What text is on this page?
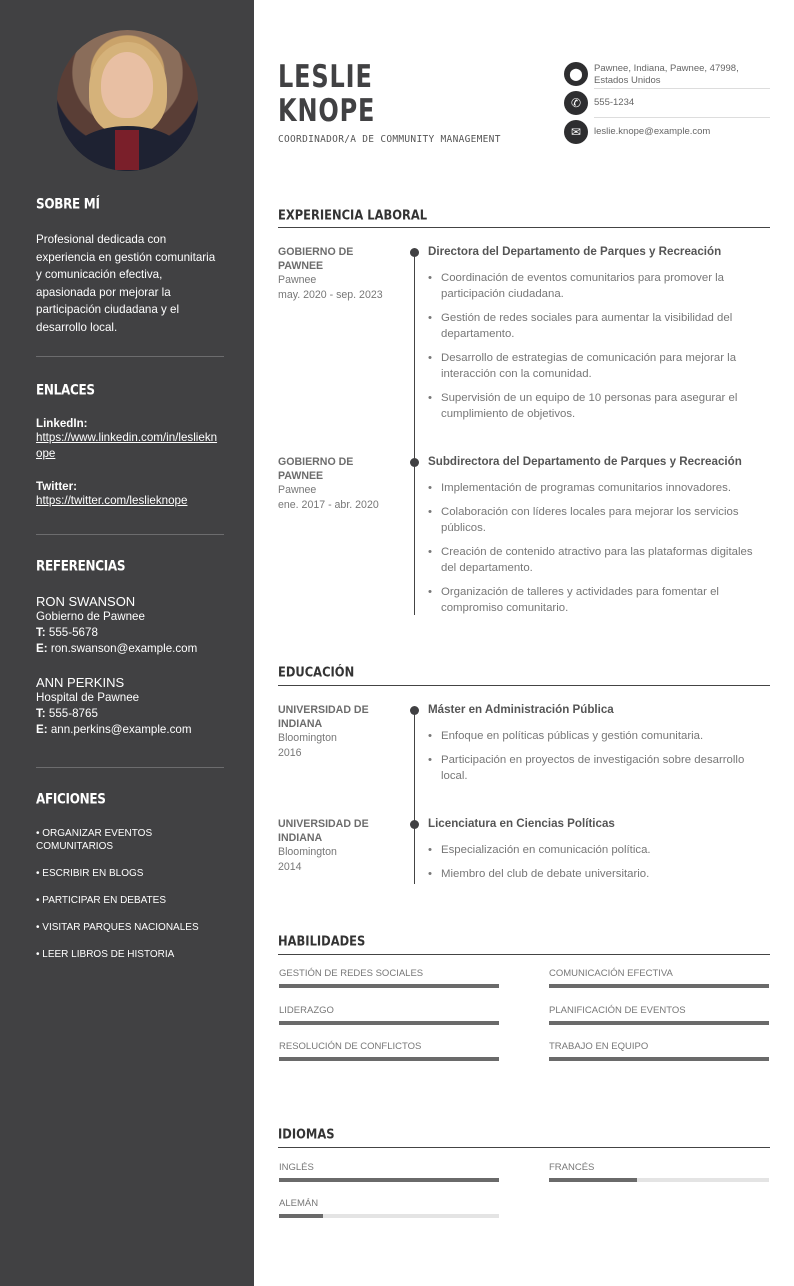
SOBRE MÍ
Profesional dedicada con experiencia en gestión comunitaria y comunicación efectiva, apasionada por mejorar la participación ciudadana y el desarrollo local.
ENLACES
LinkedIn:
https://www.linkedin.com/in/leslieknope
Twitter:
https://twitter.com/leslieknope
REFERENCIAS
RON SWANSON
Gobierno de Pawnee
T: 555-5678
E: ron.swanson@example.com
ANN PERKINS
Hospital de Pawnee
T: 555-8765
E: ann.perkins@example.com
AFICIONES
• ORGANIZAR EVENTOS COMUNITARIOS
• ESCRIBIR EN BLOGS
• PARTICIPAR EN DEBATES
• VISITAR PARQUES NACIONALES
• LEER LIBROS DE HISTORIA
LESLIE
KNOPE
COORDINADOR/A DE COMMUNITY MANAGEMENT
⬤	Pawnee, Indiana, Pawnee, 47998, Estados Unidos
✆	555-1234
✉	leslie.knope@example.com
EXPERIENCIA LABORAL
GOBIERNO DE PAWNEE
Pawnee
may. 2020 - sep. 2023
Directora del Departamento de Parques y Recreación
• Coordinación de eventos comunitarios para promover la participación ciudadana.
• Gestión de redes sociales para aumentar la visibilidad del departamento.
• Desarrollo de estrategias de comunicación para mejorar la interacción con la comunidad.
• Supervisión de un equipo de 10 personas para asegurar el cumplimiento de objetivos.
GOBIERNO DE PAWNEE
Pawnee
ene. 2017 - abr. 2020
Subdirectora del Departamento de Parques y Recreación
• Implementación de programas comunitarios innovadores.
• Colaboración con líderes locales para mejorar los servicios públicos.
• Creación de contenido atractivo para las plataformas digitales del departamento.
• Organización de talleres y actividades para fomentar el compromiso comunitario.
EDUCACIÓN
UNIVERSIDAD DE INDIANA
Bloomington
2016
Máster en Administración Pública
• Enfoque en políticas públicas y gestión comunitaria.
• Participación en proyectos de investigación sobre desarrollo local.
UNIVERSIDAD DE INDIANA
Bloomington
2014
Licenciatura en Ciencias Políticas
• Especialización en comunicación política.
• Miembro del club de debate universitario.
HABILIDADES
GESTIÓN DE REDES SOCIALES	COMUNICACIÓN EFECTIVA
LIDERAZGO	PLANIFICACIÓN DE EVENTOS
RESOLUCIÓN DE CONFLICTOS	TRABAJO EN EQUIPO
IDIOMAS
INGLÉS	FRANCÉS
ALEMÁN
